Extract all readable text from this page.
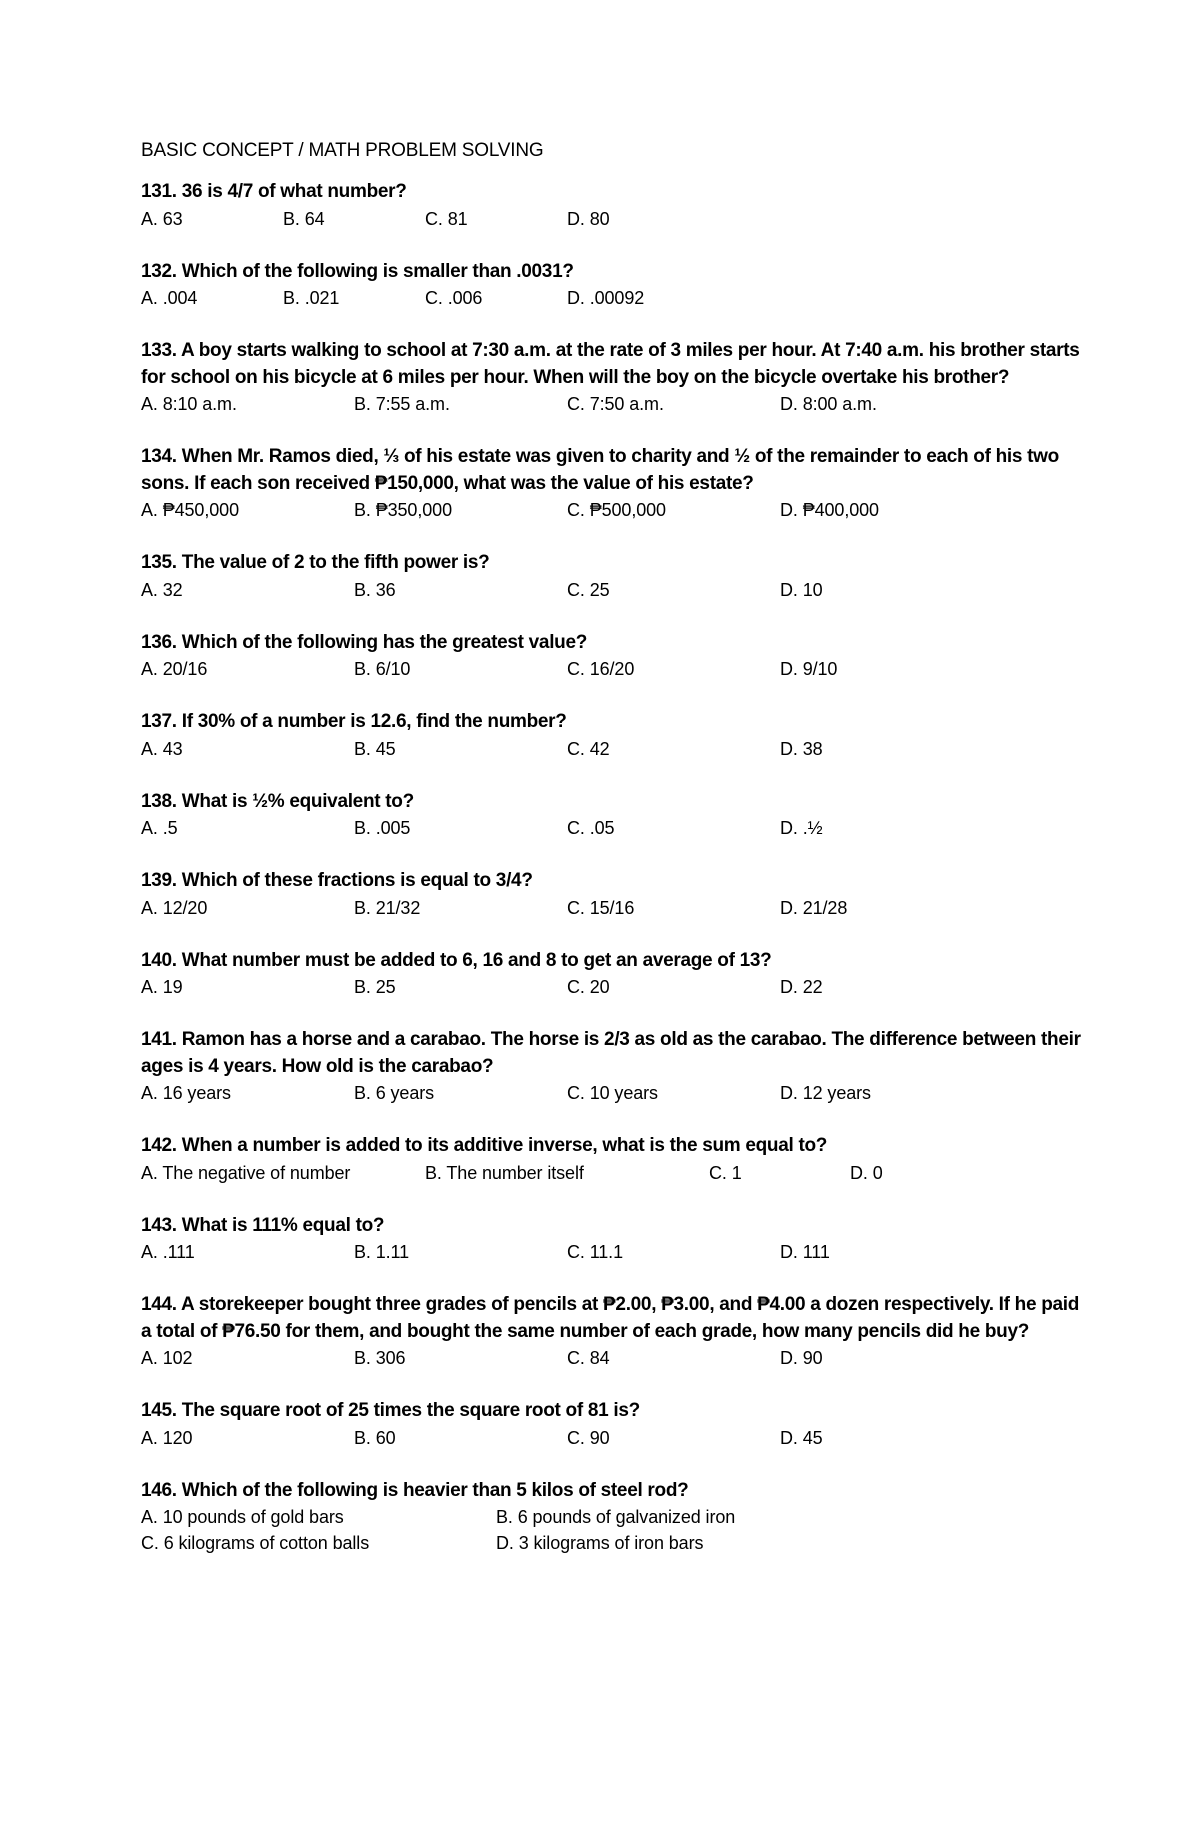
BASIC CONCEPT / MATH PROBLEM SOLVING
131. 36 is 4/7 of what number?
A. 63	B. 64	C. 81	D. 80
132. Which of the following is smaller than .0031?
A. .004	B. .021	C. .006	D. .00092
133. A boy starts walking to school at 7:30 a.m. at the rate of 3 miles per hour. At 7:40 a.m. his brother starts for school on his bicycle at 6 miles per hour. When will the boy on the bicycle overtake his brother?
A. 8:10 a.m.	B. 7:55 a.m.	C. 7:50 a.m.	D. 8:00 a.m.
134. When Mr. Ramos died, ⅓ of his estate was given to charity and ½ of the remainder to each of his two sons. If each son received ₱150,000, what was the value of his estate?
A. ₱450,000	B. ₱350,000	C. ₱500,000	D. ₱400,000
135. The value of 2 to the fifth power is?
A. 32	B. 36	C. 25	D. 10
136. Which of the following has the greatest value?
A. 20/16	B. 6/10	C. 16/20	D. 9/10
137. If 30% of a number is 12.6, find the number?
A. 43	B. 45	C. 42	D. 38
138. What is ½% equivalent to?
A. .5	B. .005	C. .05	D. .½
139. Which of these fractions is equal to 3/4?
A. 12/20	B. 21/32	C. 15/16	D. 21/28
140. What number must be added to 6, 16 and 8 to get an average of 13?
A. 19	B. 25	C. 20	D. 22
141. Ramon has a horse and a carabao. The horse is 2/3 as old as the carabao. The difference between their ages is 4 years. How old is the carabao?
A. 16 years	B. 6 years	C. 10 years	D. 12 years
142. When a number is added to its additive inverse, what is the sum equal to?
A. The negative of number	B. The number itself	C. 1	D. 0
143. What is 111% equal to?
A. .111	B. 1.11	C. 11.1	D. 111
144. A storekeeper bought three grades of pencils at ₱2.00, ₱3.00, and ₱4.00 a dozen respectively. If he paid a total of ₱76.50 for them, and bought the same number of each grade, how many pencils did he buy?
A. 102	B. 306	C. 84	D. 90
145. The square root of 25 times the square root of 81 is?
A. 120	B. 60	C. 90	D. 45
146. Which of the following is heavier than 5 kilos of steel rod?
A. 10 pounds of gold bars	B. 6 pounds of galvanized iron
C. 6 kilograms of cotton balls	D. 3 kilograms of iron bars
